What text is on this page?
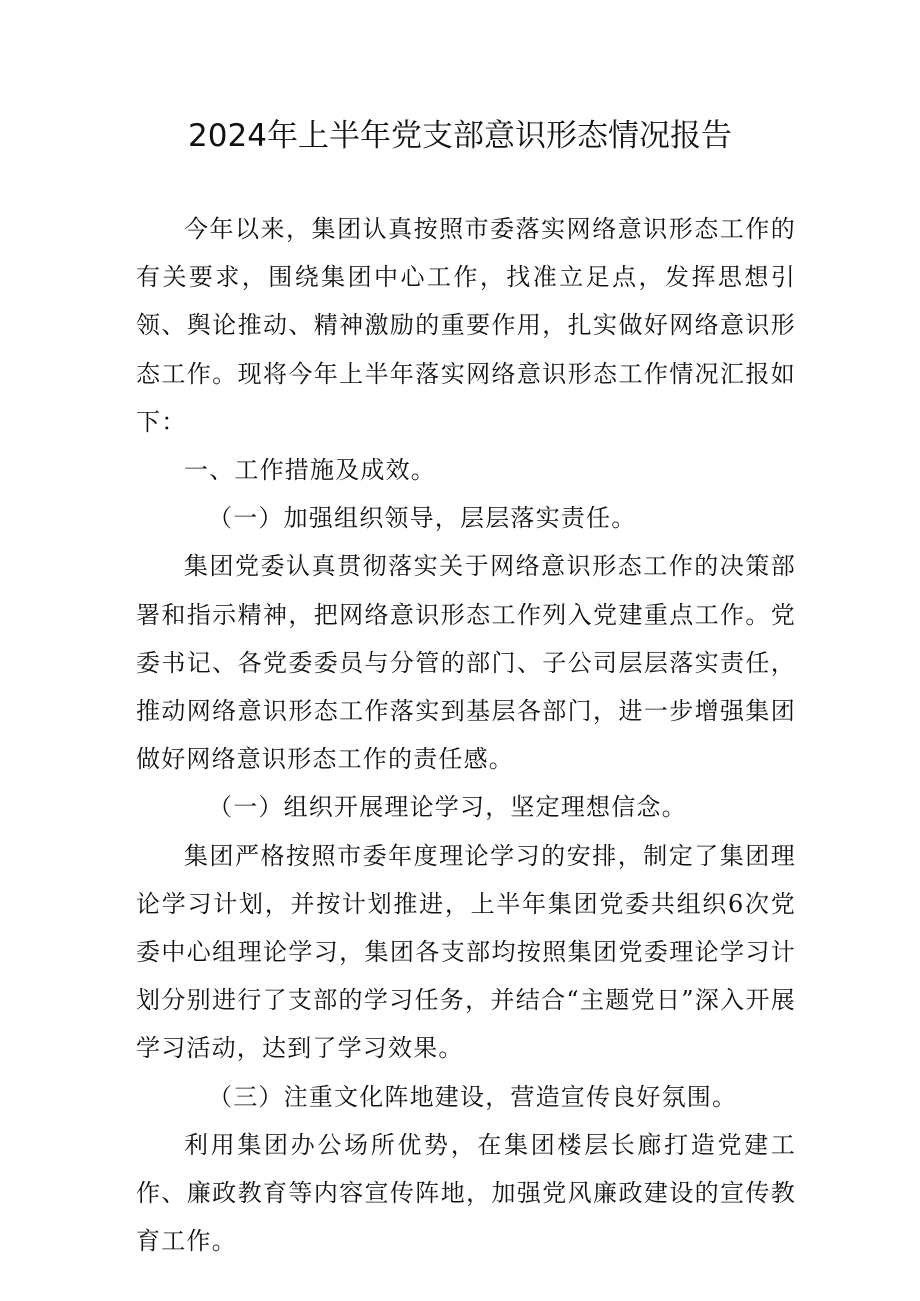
2024年上半年党支部意识形态情况报告

今年以来，集团认真按照市委落实网络意识形态工作的有关要求，围绕集团中心工作，找准立足点，发挥思想引领、舆论推动、精神激励的重要作用，扎实做好网络意识形态工作。现将今年上半年落实网络意识形态工作情况汇报如下：

一、工作措施及成效。

（一）加强组织领导，层层落实责任。

集团党委认真贯彻落实关于网络意识形态工作的决策部署和指示精神，把网络意识形态工作列入党建重点工作。党委书记、各党委委员与分管的部门、子公司层层落实责任，推动网络意识形态工作落实到基层各部门，进一步增强集团做好网络意识形态工作的责任感。

（一）组织开展理论学习，坚定理想信念。

集团严格按照市委年度理论学习的安排，制定了集团理论学习计划，并按计划推进，上半年集团党委共组织6次党委中心组理论学习，集团各支部均按照集团党委理论学习计划分别进行了支部的学习任务，并结合“主题党日”深入开展学习活动，达到了学习效果。

（三）注重文化阵地建设，营造宣传良好氛围。

利用集团办公场所优势，在集团楼层长廊打造党建工作、廉政教育等内容宣传阵地，加强党风廉政建设的宣传教育工作。
